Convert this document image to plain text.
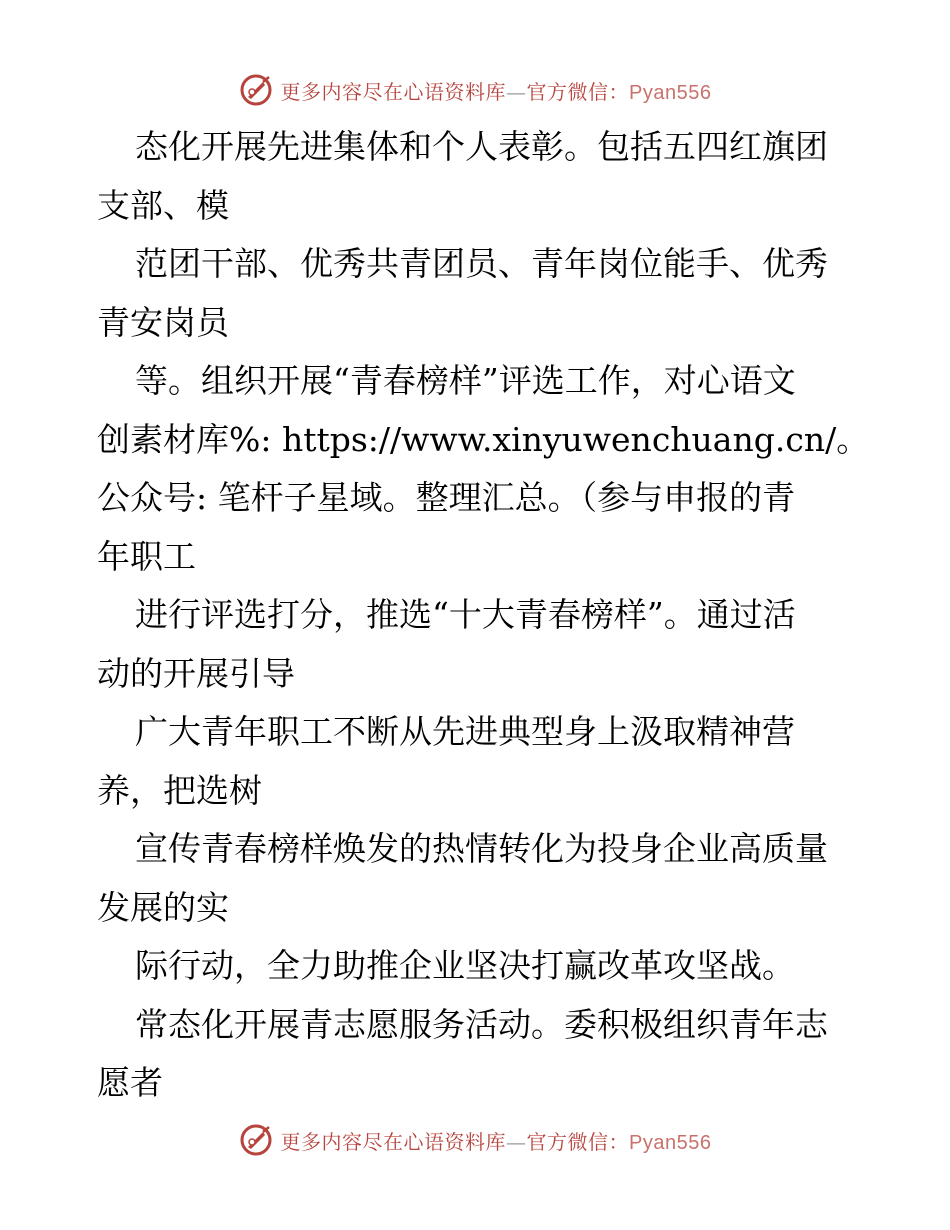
更多内容尽在心语资料库—官方微信：Pyan556
态化开展先进集体和个人表彰。包括五四红旗团
支部、模
范团干部、优秀共青团员、青年岗位能手、优秀
青安岗员
等。组织开展“青春榜样”评选工作，对心语文
创素材库%: https://www.xinyuwenchuang.cn/。
公众号: 笔杆子星域。整理汇总。（参与申报的青
年职工
进行评选打分，推选“十大青春榜样”。通过活
动的开展引导
广大青年职工不断从先进典型身上汲取精神营
养，把选树
宣传青春榜样焕发的热情转化为投身企业高质量
发展的实
际行动，全力助推企业坚决打赢改革攻坚战。
常态化开展青志愿服务活动。委积极组织青年志
愿者
更多内容尽在心语资料库—官方微信：Pyan556
